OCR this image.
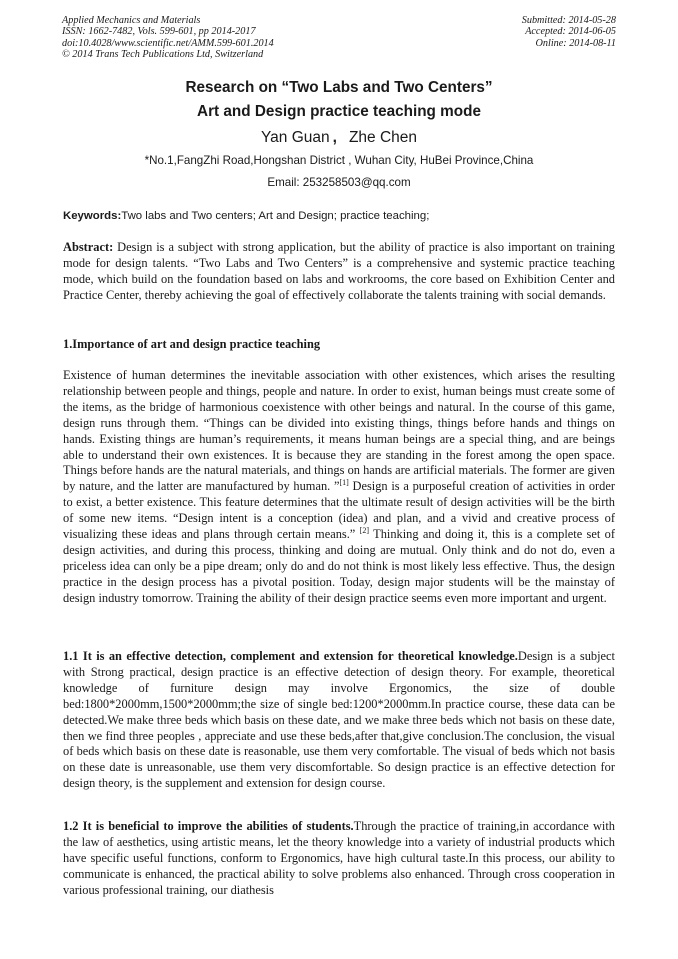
Applied Mechanics and Materials
ISSN: 1662-7482, Vols. 599-601, pp 2014-2017
doi:10.4028/www.scientific.net/AMM.599-601.2014
© 2014 Trans Tech Publications Ltd, Switzerland
Submitted: 2014-05-28
Accepted: 2014-06-05
Online: 2014-08-11
Research on “Two Labs and Two Centers”
Art and Design practice teaching mode
Yan Guan , Zhe Chen
*No.1,FangZhi Road,Hongshan District , Wuhan City, HuBei Province,China
Email: 253258503@qq.com
Keywords:Two labs and Two centers; Art and Design; practice teaching;
Abstract: Design is a subject with strong application, but the ability of practice is also important on training mode for design talents. “Two Labs and Two Centers” is a comprehensive and systemic practice teaching mode, which build on the foundation based on labs and workrooms, the core based on Exhibition Center and Practice Center, thereby achieving the goal of effectively collaborate the talents training with social demands.
1.Importance of art and design practice teaching
Existence of human determines the inevitable association with other existences, which arises the resulting relationship between people and things, people and nature. In order to exist, human beings must create some of the items, as the bridge of harmonious coexistence with other beings and natural. In the course of this game, design runs through them. “Things can be divided into existing things, things before hands and things on hands. Existing things are human’s requirements, it means human beings are a special thing, and are beings able to understand their own existences. It is because they are standing in the forest among the open space. Things before hands are the natural materials, and things on hands are artificial materials. The former are given by nature, and the latter are manufactured by human. ”[1] Design is a purposeful creation of activities in order to exist, a better existence. This feature determines that the ultimate result of design activities will be the birth of some new items. “Design intent is a conception (idea) and plan, and a vivid and creative process of visualizing these ideas and plans through certain means.” [2] Thinking and doing it, this is a complete set of design activities, and during this process, thinking and doing are mutual. Only think and do not do, even a priceless idea can only be a pipe dream; only do and do not think is most likely less effective. Thus, the design practice in the design process has a pivotal position. Today, design major students will be the mainstay of design industry tomorrow. Training the ability of their design practice seems even more important and urgent.
1.1 It is an effective detection, complement and extension for theoretical knowledge.Design is a subject with Strong practical, design practice is an effective detection of design theory. For example, theoretical knowledge of furniture design may involve Ergonomics, the size of double bed:1800*2000mm,1500*2000mm;the size of single bed:1200*2000mm.In practice course, these data can be detected.We make three beds which basis on these date, and we make three beds which not basis on these date, then we find three peoples , appreciate and use these beds,after that,give conclusion.The conclusion, the visual of beds which basis on these date is reasonable, use them very comfortable. The visual of beds which not basis on these date is unreasonable, use them very discomfortable. So design practice is an effective detection for design theory, is the supplement and extension for design course.
1.2 It is beneficial to improve the abilities of students.Through the practice of training,in accordance with the law of aesthetics, using artistic means, let the theory knowledge into a variety of industrial products which have specific useful functions, conform to Ergonomics, have high cultural taste.In this process, our ability to communicate is enhanced, the practical ability to solve problems also enhanced. Through cross cooperation in various professional training, our diathesis
